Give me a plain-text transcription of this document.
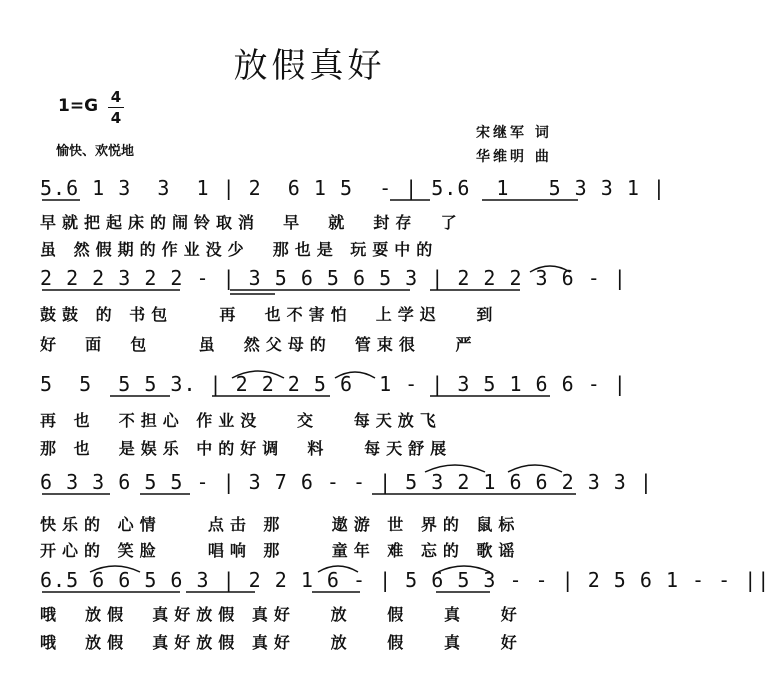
放假真好
1=G 4
4
愉快、欢悦地
宋继军 词
华维明 曲
5.6 1 3  3  1 | 2  6 1 5  - | 5.6  1   5 3 3 1 |
早就把起床的闹铃取消  早  就  封存  了
虽 然假期的作业没少  那也是 玩耍中的
2 2 2 3 2 2 - | 3 5 6 5 6 5 3 | 2 2 2 3 6 - |
鼓鼓 的 书包    再  也不害怕  上学迟   到
好  面  包    虽  然父母的  管束很   严
5  5  5 5 3. | 2 2 2 5 6  1 - | 3 5 1 6 6 - |
再 也  不担心 作业没   交   每天放飞
那 也  是娱乐 中的好调  料   每天舒展
6 3 3 6 5 5 - | 3 7 6 - - | 5 3 2 1 6 6 2 3 3 |
快乐的 心情    点击 那    遨游 世 界的 鼠标
开心的 笑脸    唱响 那    童年 难 忘的 歌谣
6.5 6 6 5 6 3 | 2 2 1 6 - | 5 6 5 3 - - | 2 5 6 1 - - ||
哦  放假  真好放假 真好   放   假   真   好
哦  放假  真好放假 真好   放   假   真   好
